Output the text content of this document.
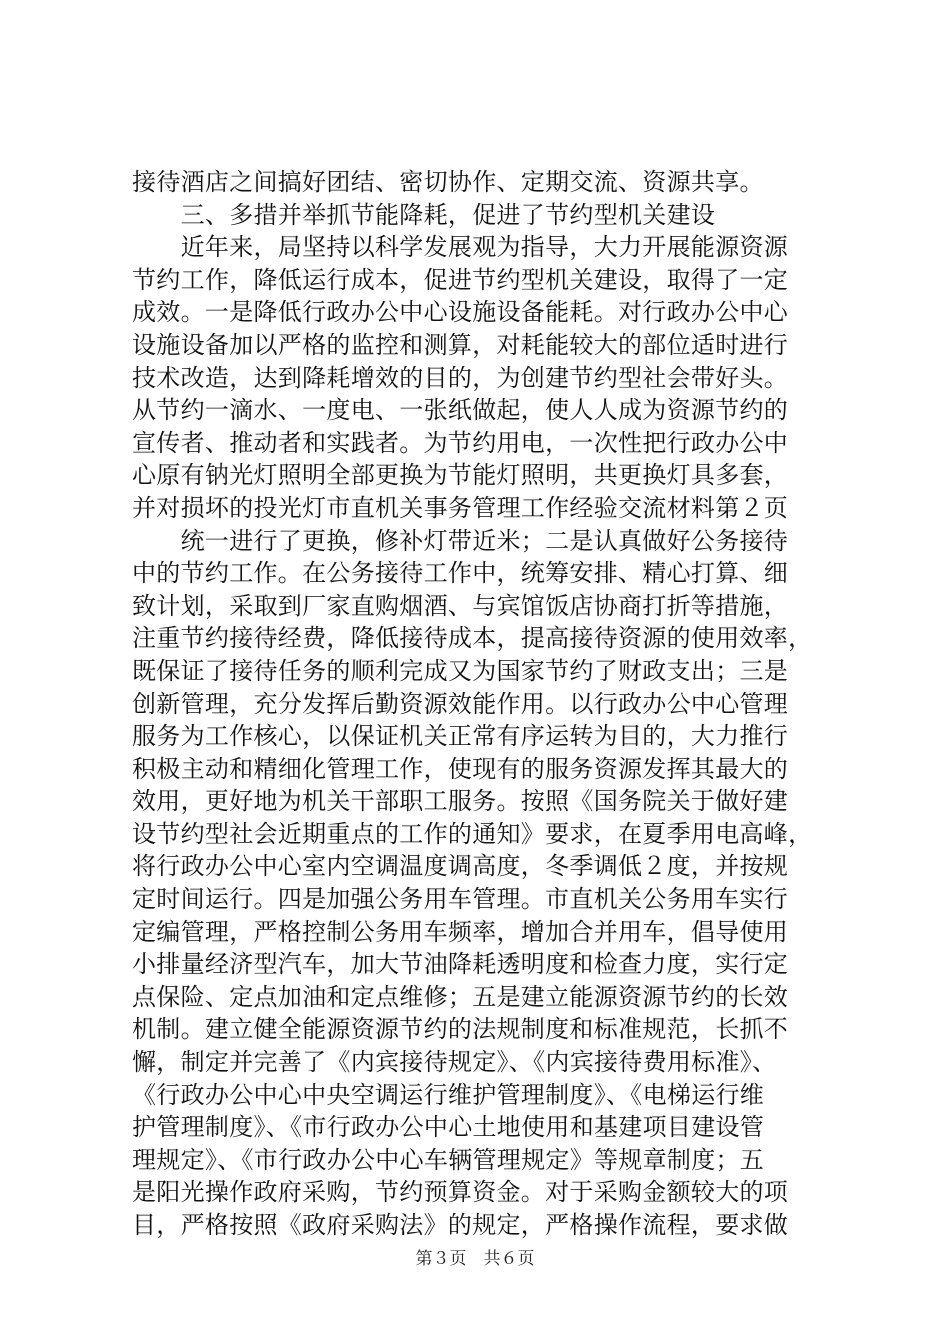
接待酒店之间搞好团结、密切协作、定期交流、资源共享。
　　三、多措并举抓节能降耗，促进了节约型机关建设
　　近年来，局坚持以科学发展观为指导，大力开展能源资源
节约工作，降低运行成本，促进节约型机关建设，取得了一定
成效。一是降低行政办公中心设施设备能耗。对行政办公中心
设施设备加以严格的监控和测算，对耗能较大的部位适时进行
技术改造，达到降耗增效的目的，为创建节约型社会带好头。
从节约一滴水、一度电、一张纸做起，使人人成为资源节约的
宣传者、推动者和实践者。为节约用电，一次性把行政办公中
心原有钠光灯照明全部更换为节能灯照明，共更换灯具多套，
并对损坏的投光灯市直机关事务管理工作经验交流材料第２页
　　统一进行了更换，修补灯带近米；二是认真做好公务接待
中的节约工作。在公务接待工作中，统筹安排、精心打算、细
致计划，采取到厂家直购烟酒、与宾馆饭店协商打折等措施，
注重节约接待经费，降低接待成本，提高接待资源的使用效率，
既保证了接待任务的顺利完成又为国家节约了财政支出；三是
创新管理，充分发挥后勤资源效能作用。以行政办公中心管理
服务为工作核心，以保证机关正常有序运转为目的，大力推行
积极主动和精细化管理工作，使现有的服务资源发挥其最大的
效用，更好地为机关干部职工服务。按照《国务院关于做好建
设节约型社会近期重点的工作的通知》要求，在夏季用电高峰，
将行政办公中心室内空调温度调高度，冬季调低２度，并按规
定时间运行。四是加强公务用车管理。市直机关公务用车实行
定编管理，严格控制公务用车频率，增加合并用车，倡导使用
小排量经济型汽车，加大节油降耗透明度和检查力度，实行定
点保险、定点加油和定点维修；五是建立能源资源节约的长效
机制。建立健全能源资源节约的法规制度和标准规范，长抓不
懈，制定并完善了《内宾接待规定》、《内宾接待费用标准》、
《行政办公中心中央空调运行维护管理制度》、《电梯运行维
护管理制度》、《市行政办公中心土地使用和基建项目建设管
理规定》、《市行政办公中心车辆管理规定》等规章制度；五
是阳光操作政府采购，节约预算资金。对于采购金额较大的项
目，严格按照《政府采购法》的规定，严格操作流程，要求做
第３页　共６页
